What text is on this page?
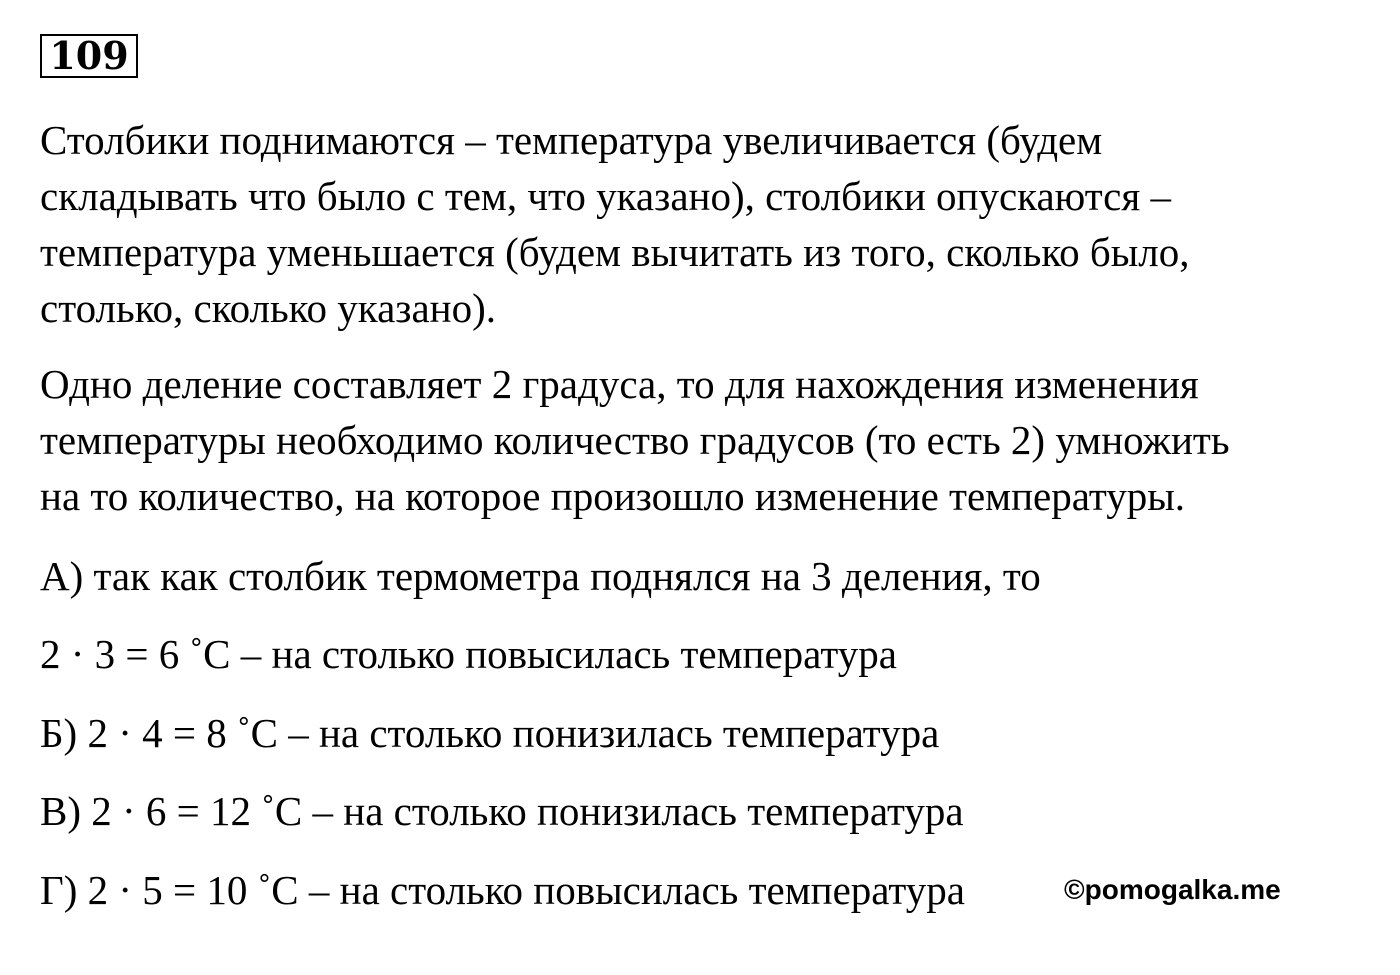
109
Столбики поднимаются – температура увеличивается (будем
складывать что было с тем, что указано), столбики опускаются –
температура уменьшается (будем вычитать из того, сколько было,
столько, сколько указано).
Одно деление составляет 2 градуса, то для нахождения изменения
температуры необходимо количество градусов (то есть 2) умножить
на то количество, на которое произошло изменение температуры.
А) так как столбик термометра поднялся на 3 деления, то
2 · 3 = 6 ˚С – на столько повысилась температура
Б) 2 · 4 = 8 ˚С – на столько понизилась температура
В) 2 · 6 = 12 ˚С – на столько понизилась температура
Г) 2 · 5 = 10 ˚С – на столько повысилась температура	©pomogalka.me
